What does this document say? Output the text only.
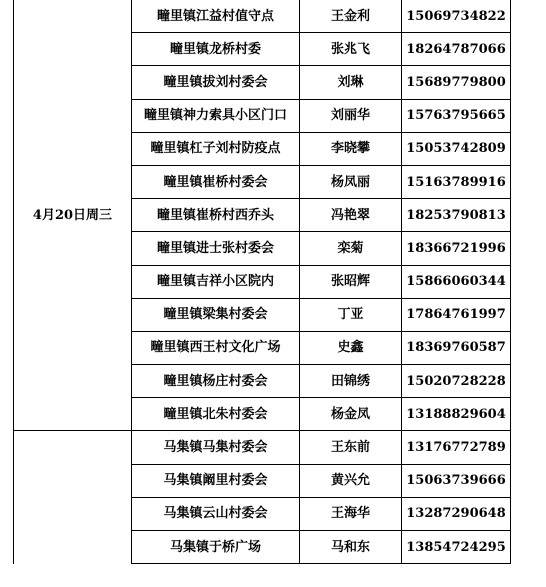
4月20日周三	疃里镇江益村值守点	王金利	15069734822
	疃里镇龙桥村委	张兆飞	18264787066
	疃里镇拔刘村委会	刘琳	15689779800
	疃里镇神力索具小区门口	刘丽华	15763795665
	疃里镇杠子刘村防疫点	李晓攀	15053742809
	疃里镇崔桥村委会	杨凤丽	15163789916
	疃里镇崔桥村西乔头	冯艳翠	18253790813
	疃里镇进士张村委会	栾菊	18366721996
	疃里镇吉祥小区院内	张昭辉	15866060344
	疃里镇梁集村委会	丁亚	17864761997
	疃里镇西王村文化广场	史鑫	18369760587
	疃里镇杨庄村委会	田锦绣	15020728228
	疃里镇北朱村委会	杨金凤	13188829604
	马集镇马集村委会	王东前	13176772789
	马集镇阚里村委会	黄兴允	15063739666
	马集镇云山村委会	王海华	13287290648
	马集镇于桥广场	马和东	13854724295
